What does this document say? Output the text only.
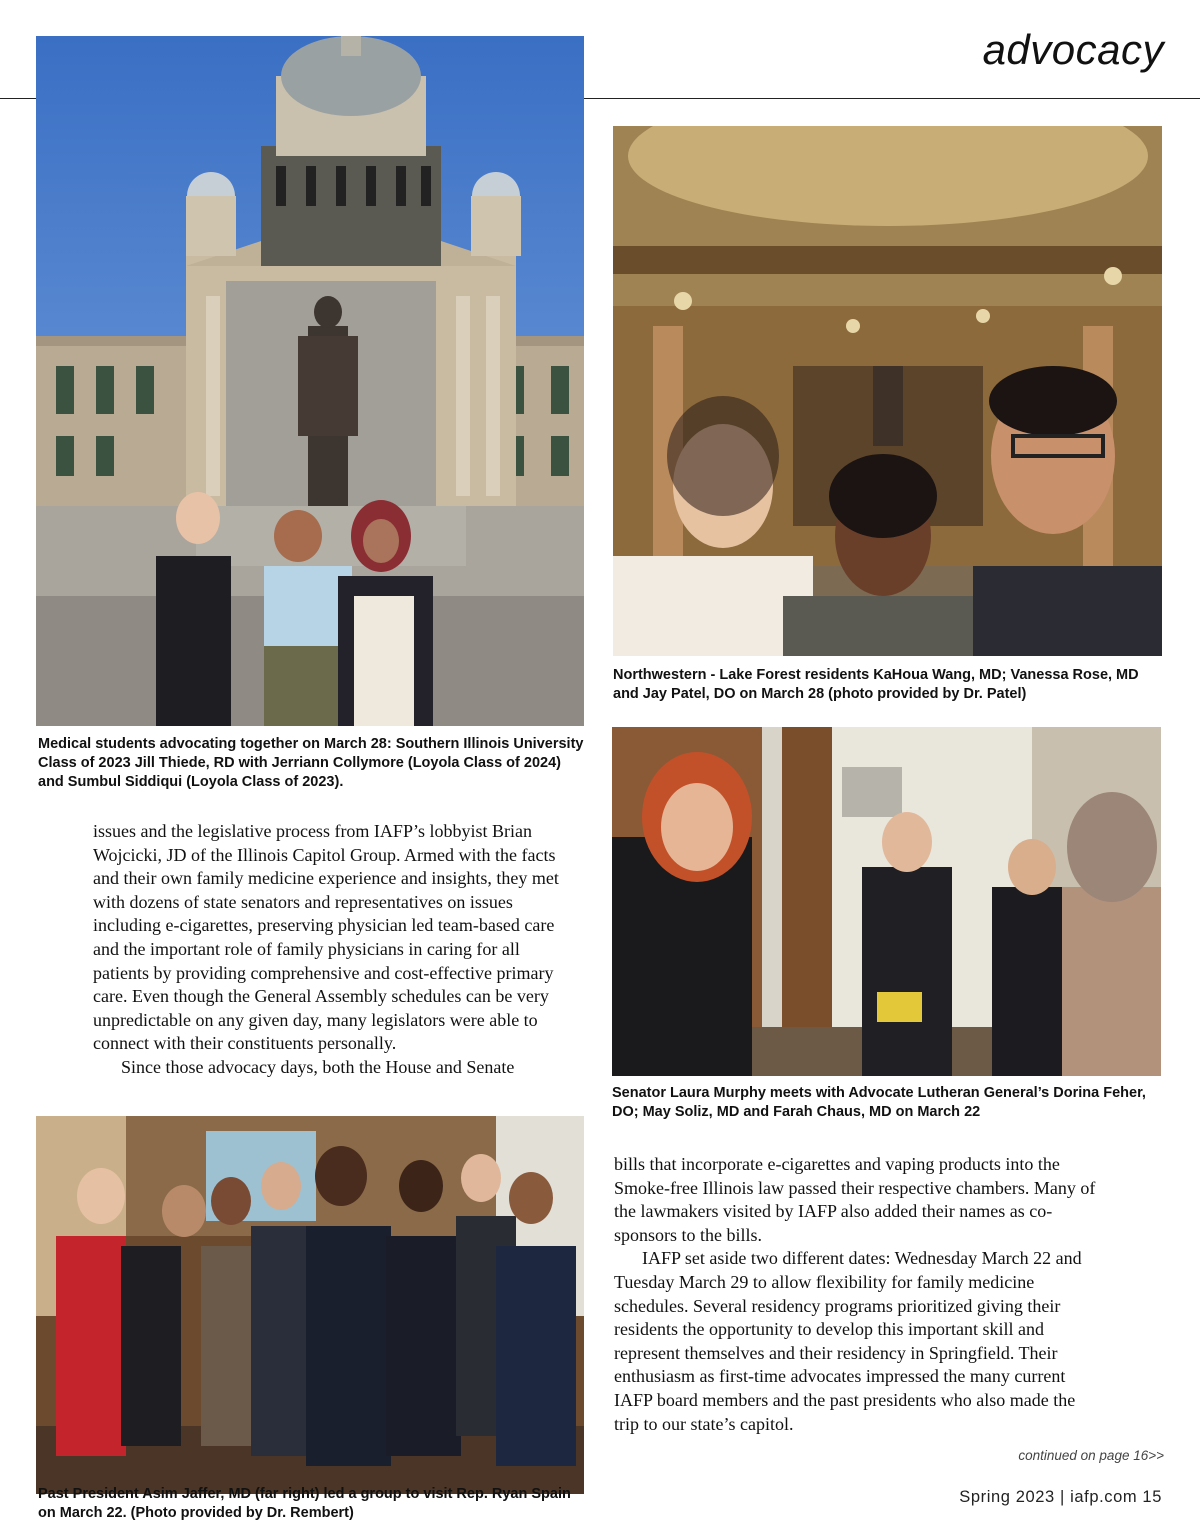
advocacy
Medical students advocating together on March 28: Southern Illinois University Class of 2023 Jill Thiede, RD with Jerriann Collymore (Loyola Class of 2024) and Sumbul Siddiqui (Loyola Class of 2023).
Northwestern - Lake Forest residents KaHoua Wang, MD; Vanessa Rose, MD and Jay Patel, DO on March 28 (photo provided by Dr. Patel)
Senator Laura Murphy meets with Advocate Lutheran General’s Dorina Feher, DO; May Soliz, MD and Farah Chaus, MD on March 22
Past President Asim Jaffer, MD (far right) led a group to visit Rep. Ryan Spain on March 22. (Photo provided by Dr. Rembert)

issues and the legislative process from IAFP’s lobbyist Brian Wojcicki, JD of the Illinois Capitol Group. Armed with the facts and their own family medicine experience and insights, they met with dozens of state senators and representatives on issues including e-cigarettes, preserving physician led team-based care and the important role of family physicians in caring for all patients by providing comprehensive and cost-effective primary care. Even though the General Assembly schedules can be very unpredictable on any given day, many legislators were able to connect with their constituents personally.

Since those advocacy days, both the House and Senate

bills that incorporate e-cigarettes and vaping products into the Smoke-free Illinois law passed their respective chambers. Many of the lawmakers visited by IAFP also added their names as co-sponsors to the bills.

IAFP set aside two different dates: Wednesday March 22 and Tuesday March 29 to allow flexibility for family medicine schedules. Several residency programs prioritized giving their residents the opportunity to develop this important skill and represent themselves and their residency in Springfield. Their enthusiasm as first-time advocates impressed the many current IAFP board members and the past presidents who also made the trip to our state’s capitol.

continued on page 16>>
Spring 2023 | iafp.com 15
